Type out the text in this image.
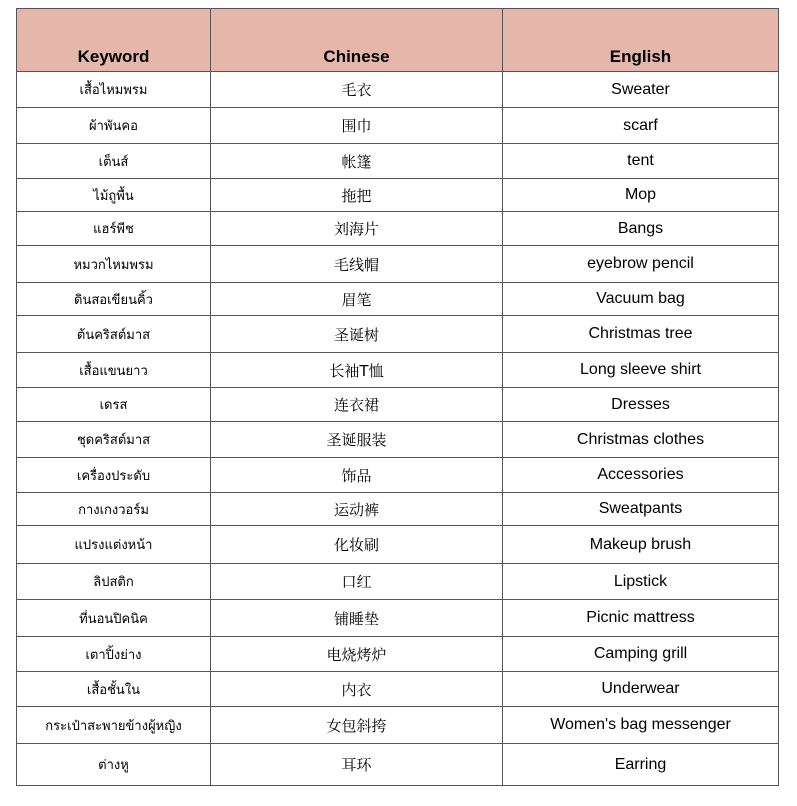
Keyword	Chinese	English
เสื้อไหมพรม	毛衣	Sweater
ผ้าพันคอ	围巾	scarf
เต็นส์	帐篷	tent
ไม้ถูพื้น	拖把	Mop
แฮร์พีช	刘海片	Bangs
หมวกไหมพรม	毛线帽	eyebrow pencil
ดินสอเขียนคิ้ว	眉笔	Vacuum bag
ต้นคริสต์มาส	圣诞树	Christmas tree
เสื้อแขนยาว	长袖T恤	Long sleeve shirt
เดรส	连衣裙	Dresses
ชุดคริสต์มาส	圣诞服装	Christmas clothes
เครื่องประดับ	饰品	Accessories
กางเกงวอร์ม	运动裤	Sweatpants
แปรงแต่งหน้า	化妆刷	Makeup brush
ลิปสติก	口红	Lipstick
ที่นอนปิคนิค	铺睡垫	Picnic mattress
เตาปิ้งย่าง	电烧烤炉	Camping grill
เสื้อชั้นใน	内衣	Underwear
กระเป๋าสะพายข้างผู้หญิง	女包斜挎	Women's bag messenger
ต่างหู	耳环	Earring
